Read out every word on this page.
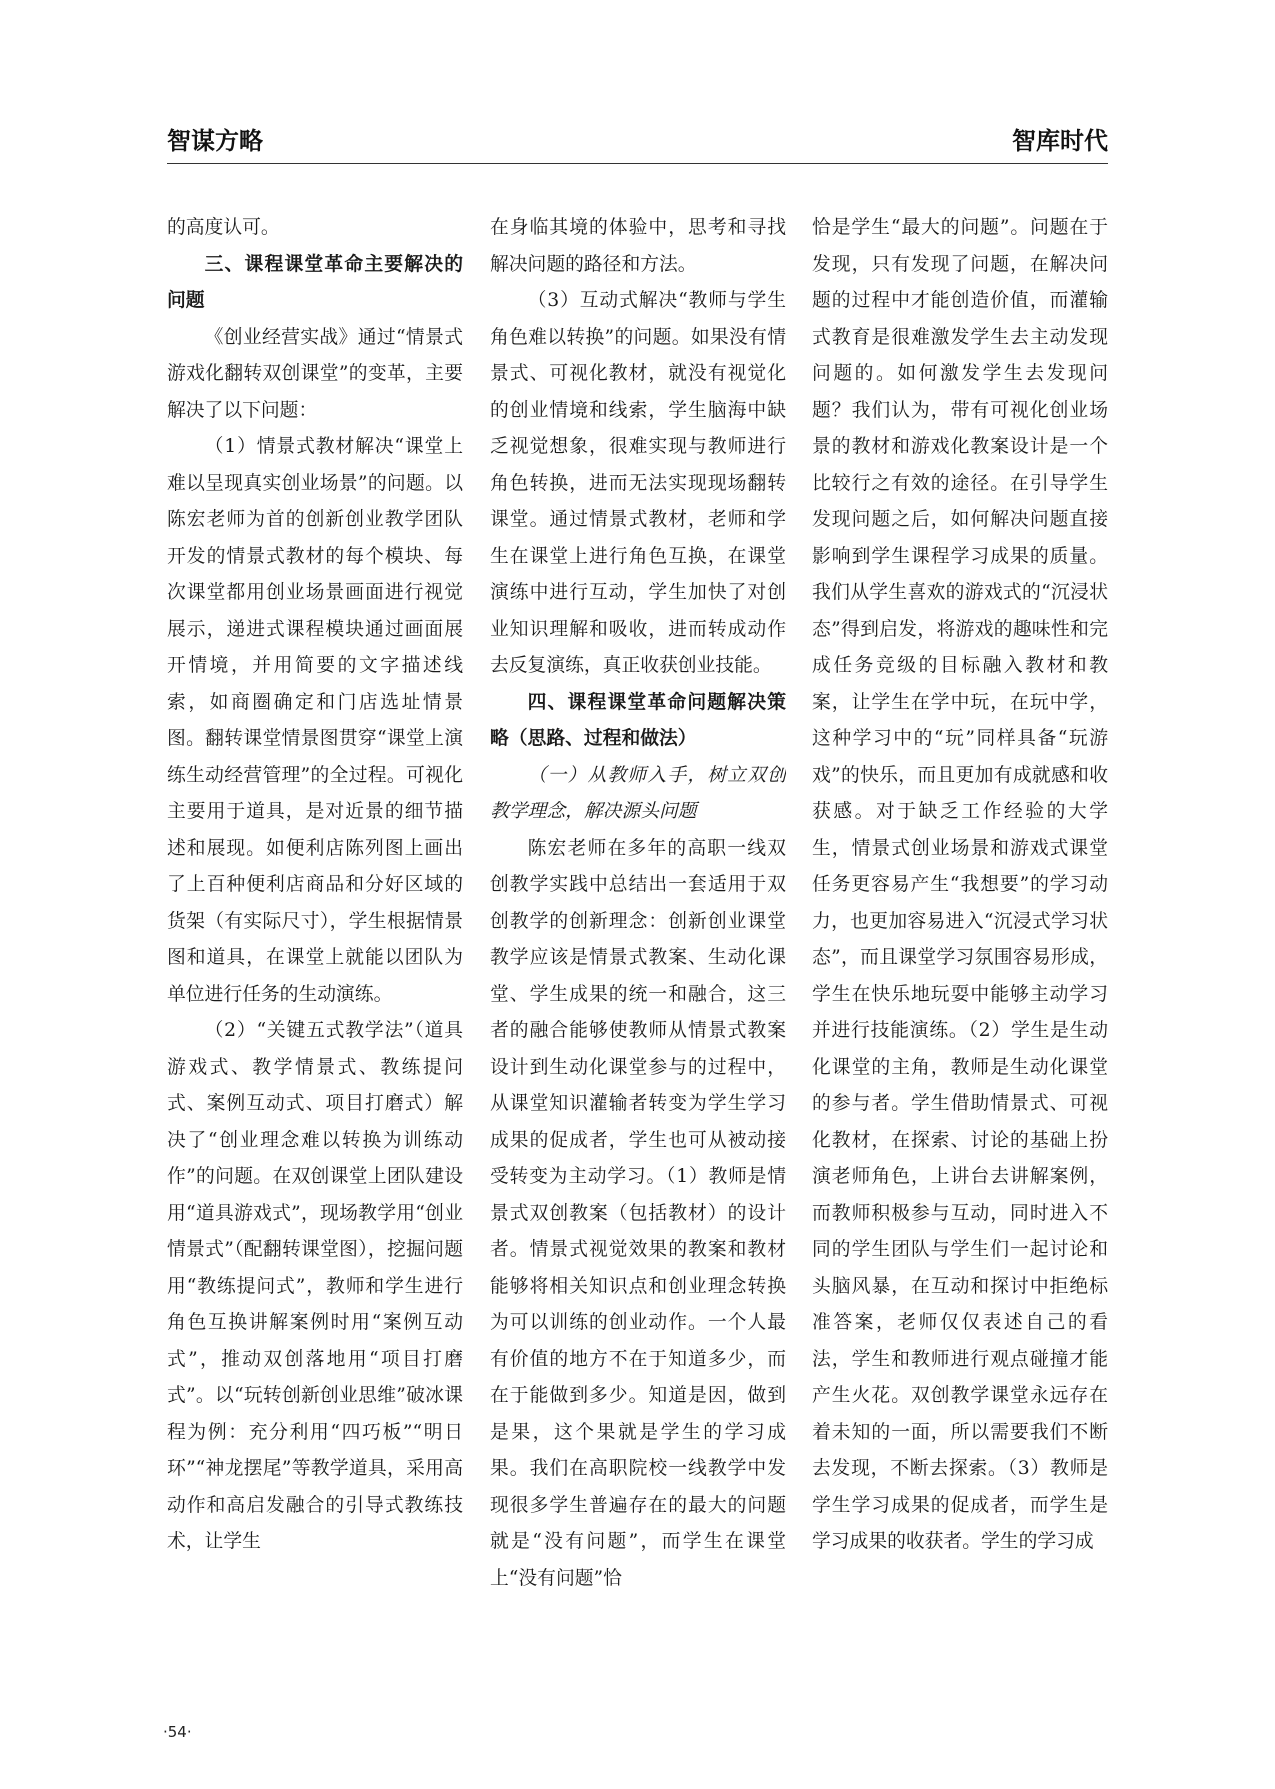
智谋方略	智库时代

的高度认可。

三、课程课堂革命主要解决的问题

《创业经营实战》通过“情景式游戏化翻转双创课堂”的变革，主要解决了以下问题：

（1）情景式教材解决“课堂上难以呈现真实创业场景”的问题。以陈宏老师为首的创新创业教学团队开发的情景式教材的每个模块、每次课堂都用创业场景画面进行视觉展示，递进式课程模块通过画面展开情境，并用简要的文字描述线索，如商圈确定和门店选址情景图。翻转课堂情景图贯穿“课堂上演练生动经营管理”的全过程。可视化主要用于道具，是对近景的细节描述和展现。如便利店陈列图上画出了上百种便利店商品和分好区域的货架（有实际尺寸），学生根据情景图和道具，在课堂上就能以团队为单位进行任务的生动演练。

（2）“关键五式教学法”（道具游戏式、教学情景式、教练提问式、案例互动式、项目打磨式）解决了“创业理念难以转换为训练动作”的问题。在双创课堂上团队建设用“道具游戏式”，现场教学用“创业情景式”（配翻转课堂图），挖掘问题用“教练提问式”，教师和学生进行角色互换讲解案例时用“案例互动式”，推动双创落地用“项目打磨式”。以“玩转创新创业思维”破冰课程为例：充分利用“四巧板”“明日环”“神龙摆尾”等教学道具，采用高动作和高启发融合的引导式教练技术，让学生

在身临其境的体验中，思考和寻找解决问题的路径和方法。

（3）互动式解决“教师与学生角色难以转换”的问题。如果没有情景式、可视化教材，就没有视觉化的创业情境和线索，学生脑海中缺乏视觉想象，很难实现与教师进行角色转换，进而无法实现现场翻转课堂。通过情景式教材，老师和学生在课堂上进行角色互换，在课堂演练中进行互动，学生加快了对创业知识理解和吸收，进而转成动作去反复演练，真正收获创业技能。

四、课程课堂革命问题解决策略（思路、过程和做法）

（一）从教师入手，树立双创教学理念，解决源头问题

陈宏老师在多年的高职一线双创教学实践中总结出一套适用于双创教学的创新理念：创新创业课堂教学应该是情景式教案、生动化课堂、学生成果的统一和融合，这三者的融合能够使教师从情景式教案设计到生动化课堂参与的过程中，从课堂知识灌输者转变为学生学习成果的促成者，学生也可从被动接受转变为主动学习。（1）教师是情景式双创教案（包括教材）的设计者。情景式视觉效果的教案和教材能够将相关知识点和创业理念转换为可以训练的创业动作。一个人最有价值的地方不在于知道多少，而在于能做到多少。知道是因，做到是果，这个果就是学生的学习成果。我们在高职院校一线教学中发现很多学生普遍存在的最大的问题就是“没有问题”，而学生在课堂上“没有问题”恰

恰是学生“最大的问题”。问题在于发现，只有发现了问题，在解决问题的过程中才能创造价值，而灌输式教育是很难激发学生去主动发现问题的。如何激发学生去发现问题？我们认为，带有可视化创业场景的教材和游戏化教案设计是一个比较行之有效的途径。在引导学生发现问题之后，如何解决问题直接影响到学生课程学习成果的质量。我们从学生喜欢的游戏式的“沉浸状态”得到启发，将游戏的趣味性和完成任务竞级的目标融入教材和教案，让学生在学中玩，在玩中学，这种学习中的“玩”同样具备“玩游戏”的快乐，而且更加有成就感和收获感。对于缺乏工作经验的大学生，情景式创业场景和游戏式课堂任务更容易产生“我想要”的学习动力，也更加容易进入“沉浸式学习状态”，而且课堂学习氛围容易形成，学生在快乐地玩耍中能够主动学习并进行技能演练。（2）学生是生动化课堂的主角，教师是生动化课堂的参与者。学生借助情景式、可视化教材，在探索、讨论的基础上扮演老师角色，上讲台去讲解案例，而教师积极参与互动，同时进入不同的学生团队与学生们一起讨论和头脑风暴，在互动和探讨中拒绝标准答案，老师仅仅表述自己的看法，学生和教师进行观点碰撞才能产生火花。双创教学课堂永远存在着未知的一面，所以需要我们不断去发现，不断去探索。（3）教师是学生学习成果的促成者，而学生是学习成果的收获者。学生的学习成

·54·
